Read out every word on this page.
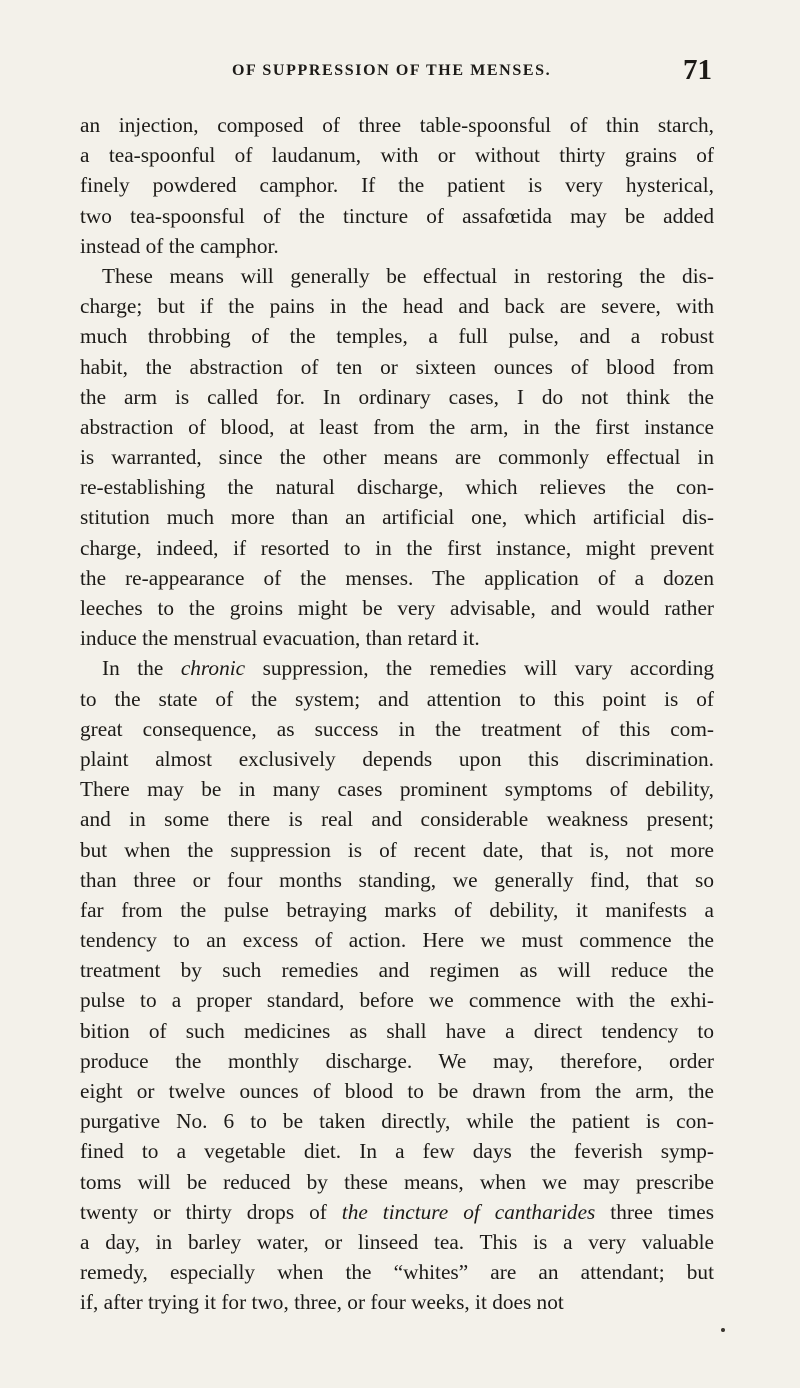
OF SUPPRESSION OF THE MENSES.	71
an injection, composed of three table-spoonsful of thin starch,
a tea-spoonful of laudanum, with or without thirty grains of
finely powdered camphor. If the patient is very hysterical,
two tea-spoonsful of the tincture of assafœtida may be added
instead of the camphor.
These means will generally be effectual in restoring the dis-
charge; but if the pains in the head and back are severe, with
much throbbing of the temples, a full pulse, and a robust
habit, the abstraction of ten or sixteen ounces of blood from
the arm is called for. In ordinary cases, I do not think the
abstraction of blood, at least from the arm, in the first instance
is warranted, since the other means are commonly effectual in
re-establishing the natural discharge, which relieves the con-
stitution much more than an artificial one, which artificial dis-
charge, indeed, if resorted to in the first instance, might prevent
the re-appearance of the menses. The application of a dozen
leeches to the groins might be very advisable, and would rather
induce the menstrual evacuation, than retard it.
In the chronic suppression, the remedies will vary according
to the state of the system; and attention to this point is of
great consequence, as success in the treatment of this com-
plaint almost exclusively depends upon this discrimination.
There may be in many cases prominent symptoms of debility,
and in some there is real and considerable weakness present;
but when the suppression is of recent date, that is, not more
than three or four months standing, we generally find, that so
far from the pulse betraying marks of debility, it manifests a
tendency to an excess of action. Here we must commence the
treatment by such remedies and regimen as will reduce the
pulse to a proper standard, before we commence with the exhi-
bition of such medicines as shall have a direct tendency to
produce the monthly discharge. We may, therefore, order
eight or twelve ounces of blood to be drawn from the arm, the
purgative No. 6 to be taken directly, while the patient is con-
fined to a vegetable diet. In a few days the feverish symp-
toms will be reduced by these means, when we may prescribe
twenty or thirty drops of the tincture of cantharides three times
a day, in barley water, or linseed tea. This is a very valuable
remedy, especially when the “whites” are an attendant; but
if, after trying it for two, three, or four weeks, it does not
